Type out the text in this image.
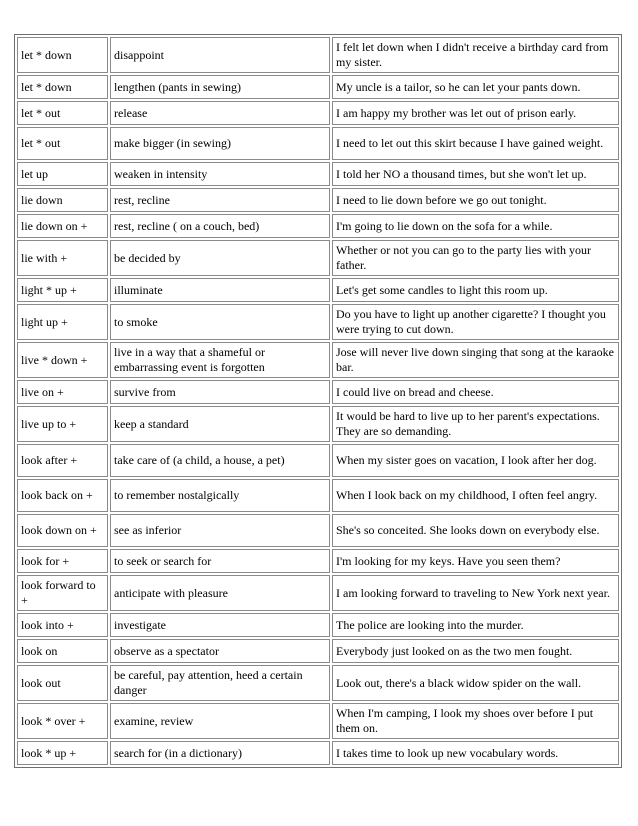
let * down	disappoint	I felt let down when I didn't receive a birthday card from my sister.
let * down	lengthen (pants in sewing)	My uncle is a tailor, so he can let your pants down.
let * out	release	I am happy my brother was let out of prison early.
let * out	make bigger (in sewing)	I need to let out this skirt because I have gained weight.
let up	weaken in intensity	I told her NO a thousand times, but she won't let up.
lie down	rest, recline	I need to lie down before we go out tonight.
lie down on +	rest, recline ( on a couch, bed)	I'm going to lie down on the sofa for a while.
lie with +	be decided by	Whether or not you can go to the party lies with your father.
light * up +	illuminate	Let's get some candles to light this room up.
light up +	to smoke	Do you have to light up another cigarette? I thought you were trying to cut down.
live * down +	live in a way that a shameful or embarrassing event is forgotten	Jose will never live down singing that song at the karaoke bar.
live on +	survive from	I could live on bread and cheese.
live up to +	keep a standard	It would be hard to live up to her parent's expectations. They are so demanding.
look after +	take care of (a child, a house, a pet)	When my sister goes on vacation, I look after her dog.
look back on +	to remember nostalgically	When I look back on my childhood, I often feel angry.
look down on +	see as inferior	She's so conceited. She looks down on everybody else.
look for +	to seek or search for	I'm looking for my keys. Have you seen them?
look forward to +	anticipate with pleasure	I am looking forward to traveling to New York next year.
look into +	investigate	The police are looking into the murder.
look on	observe as a spectator	Everybody just looked on as the two men fought.
look out	be careful, pay attention, heed a certain danger	Look out, there's a black widow spider on the wall.
look * over +	examine, review	When I'm camping, I look my shoes over before I put them on.
look * up +	search for (in a dictionary)	I takes time to look up new vocabulary words.
